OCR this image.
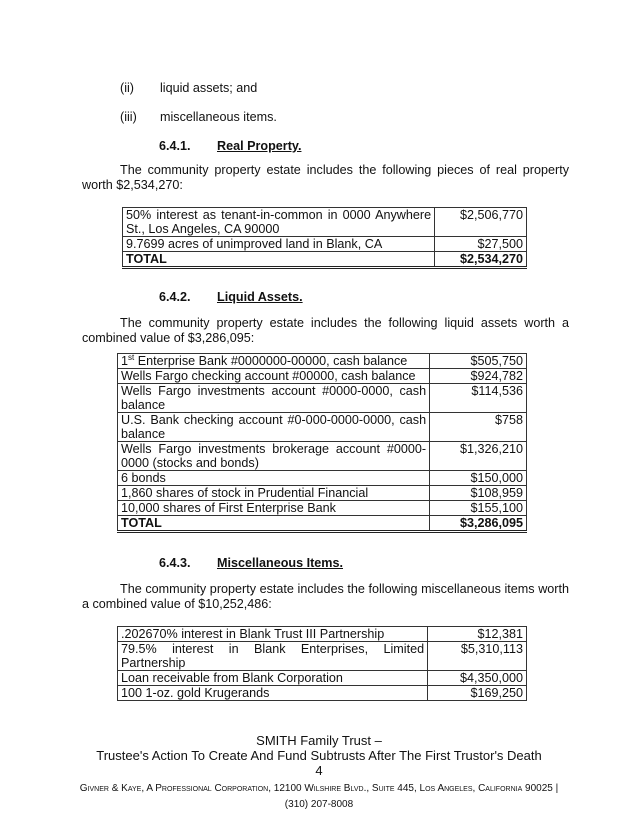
(ii) liquid assets; and
(iii) miscellaneous items.
6.4.1. Real Property.
The community property estate includes the following pieces of real property worth $2,534,270:
50% interest as tenant-in-common in 0000 Anywhere St., Los Angeles, CA 90000	$2,506,770
9.7699 acres of unimproved land in Blank, CA	$27,500
TOTAL	$2,534,270
6.4.2. Liquid Assets.
The community property estate includes the following liquid assets worth a combined value of $3,286,095:
1st Enterprise Bank #0000000-00000, cash balance	$505,750
Wells Fargo checking account #00000, cash balance	$924,782
Wells Fargo investments account #0000-0000, cash balance	$114,536
U.S. Bank checking account #0-000-0000-0000, cash balance	$758
Wells Fargo investments brokerage account #0000-0000 (stocks and bonds)	$1,326,210
6 bonds	$150,000
1,860 shares of stock in Prudential Financial	$108,959
10,000 shares of First Enterprise Bank	$155,100
TOTAL	$3,286,095
6.4.3. Miscellaneous Items.
The community property estate includes the following miscellaneous items worth a combined value of $10,252,486:
.202670% interest in Blank Trust III Partnership	$12,381
79.5% interest in Blank Enterprises, Limited Partnership	$5,310,113
Loan receivable from Blank Corporation	$4,350,000
100 1-oz. gold Krugerands	$169,250
SMITH Family Trust –
Trustee's Action To Create And Fund Subtrusts After The First Trustor's Death
4
Givner & Kaye, A Professional Corporation, 12100 Wilshire Blvd., Suite 445, Los Angeles, California 90025 |
(310) 207-8008
